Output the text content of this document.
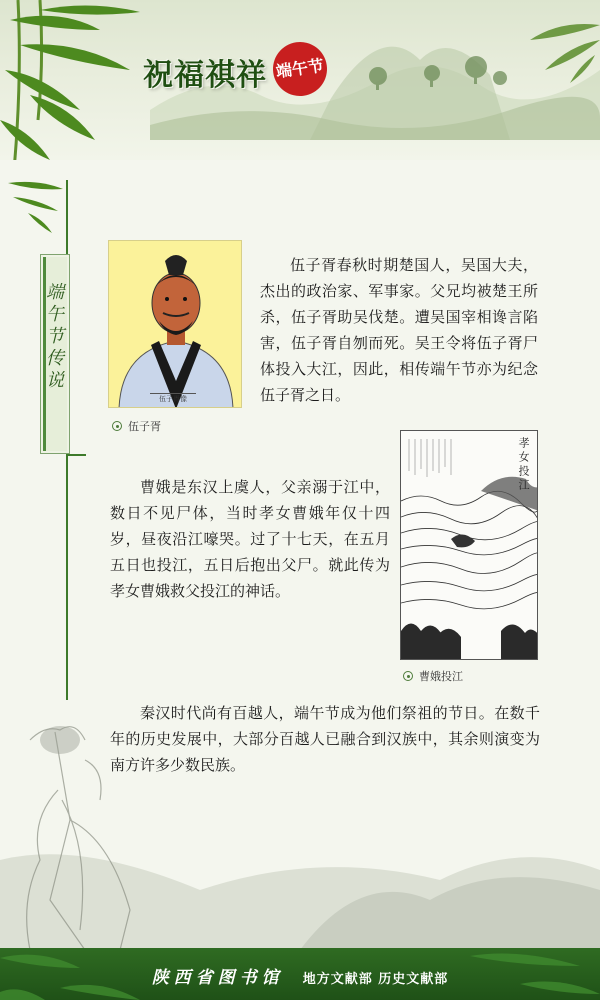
祝福祺祥 端午节
端午节传说
伍子胥像
伍子胥

伍子胥春秋时期楚国人，吴国大夫，杰出的政治家、军事家。父兄均被楚王所杀，伍子胥助吴伐楚。遭吴国宰相谗言陷害，伍子胥自刎而死。吴王令将伍子胥尸体投入大江，因此，相传端午节亦为纪念伍子胥之日。

曹娥是东汉上虞人，父亲溺于江中，数日不见尸体，当时孝女曹娥年仅十四岁，昼夜沿江嚎哭。过了十七天，在五月五日也投江，五日后抱出父尸。就此传为孝女曹娥救父投江的神话。

孝女投江
曹娥投江

秦汉时代尚有百越人，端午节成为他们祭祖的节日。在数千年的历史发展中，大部分百越人已融合到汉族中，其余则演变为南方许多少数民族。

陕西省图书馆 地方文献部 历史文献部
